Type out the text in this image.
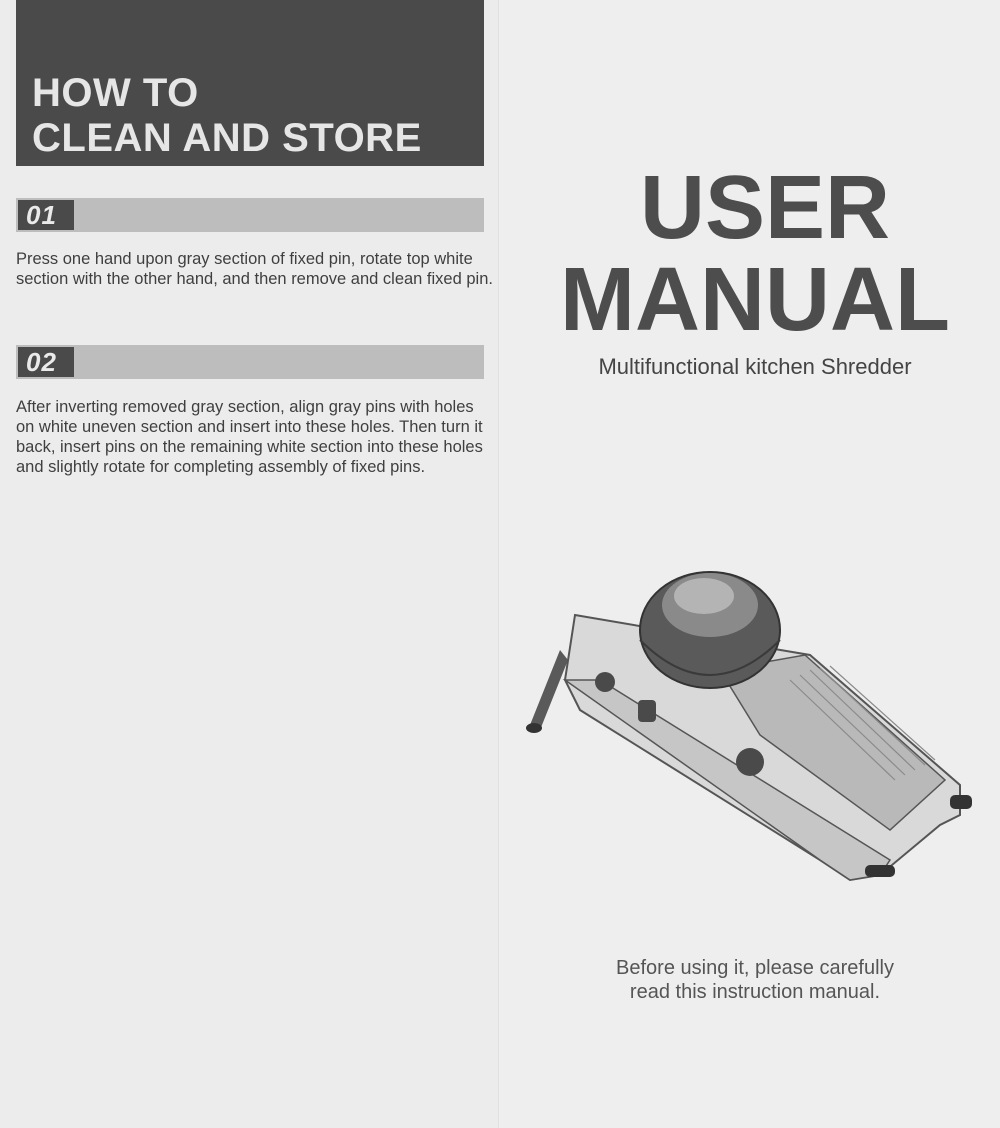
HOW TO
CLEAN AND STORE
01
Press one hand upon gray section of fixed pin, rotate top white section with the other hand, and then remove and clean fixed pin.
02
After inverting removed gray section, align gray pins with holes on white uneven section and insert into these holes. Then turn it back, insert pins on the remaining white section into these holes and slightly rotate for completing assembly of fixed pins.
USER
MANUAL
Multifunctional kitchen Shredder
Before using it, please carefully
read this instruction manual.
